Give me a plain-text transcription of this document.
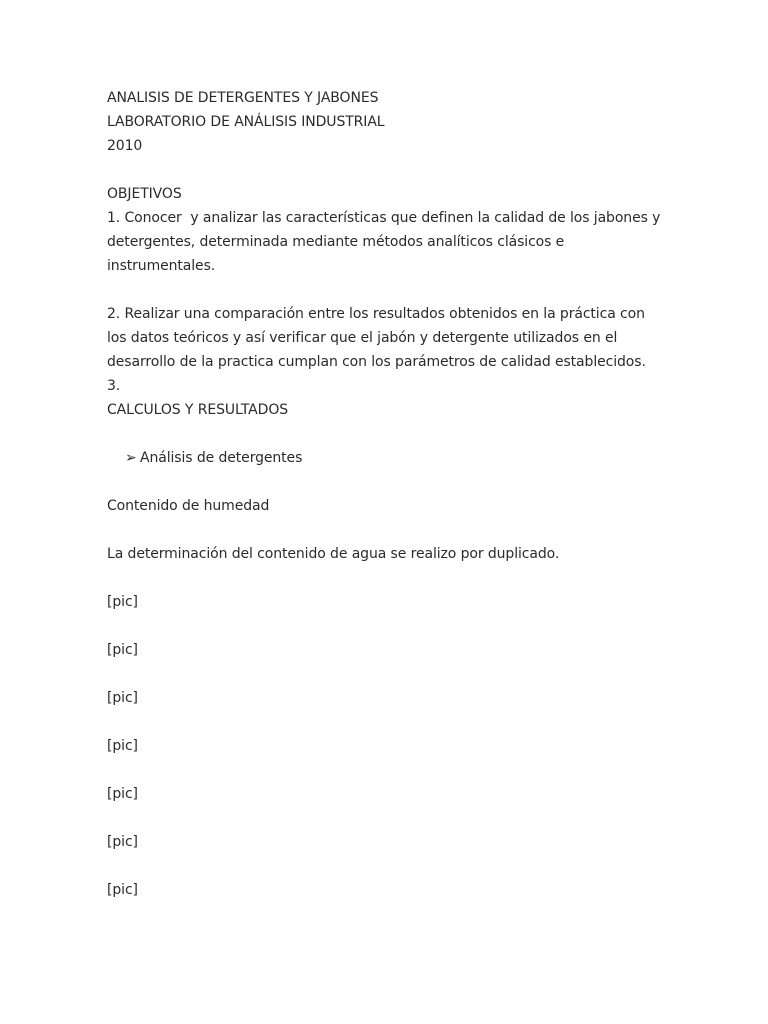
ANALISIS DE DETERGENTES Y JABONES
LABORATORIO DE ANÁLISIS INDUSTRIAL
2010
OBJETIVOS
1. Conocer  y analizar las características que definen la calidad de los jabones y
detergentes, determinada mediante métodos analíticos clásicos e
instrumentales.
2. Realizar una comparación entre los resultados obtenidos en la práctica con
los datos teóricos y así verificar que el jabón y detergente utilizados en el
desarrollo de la practica cumplan con los parámetros de calidad establecidos.
3.
CALCULOS Y RESULTADOS
➢ Análisis de detergentes
Contenido de humedad
La determinación del contenido de agua se realizo por duplicado.
[pic]
[pic]
[pic]
[pic]
[pic]
[pic]
[pic]
